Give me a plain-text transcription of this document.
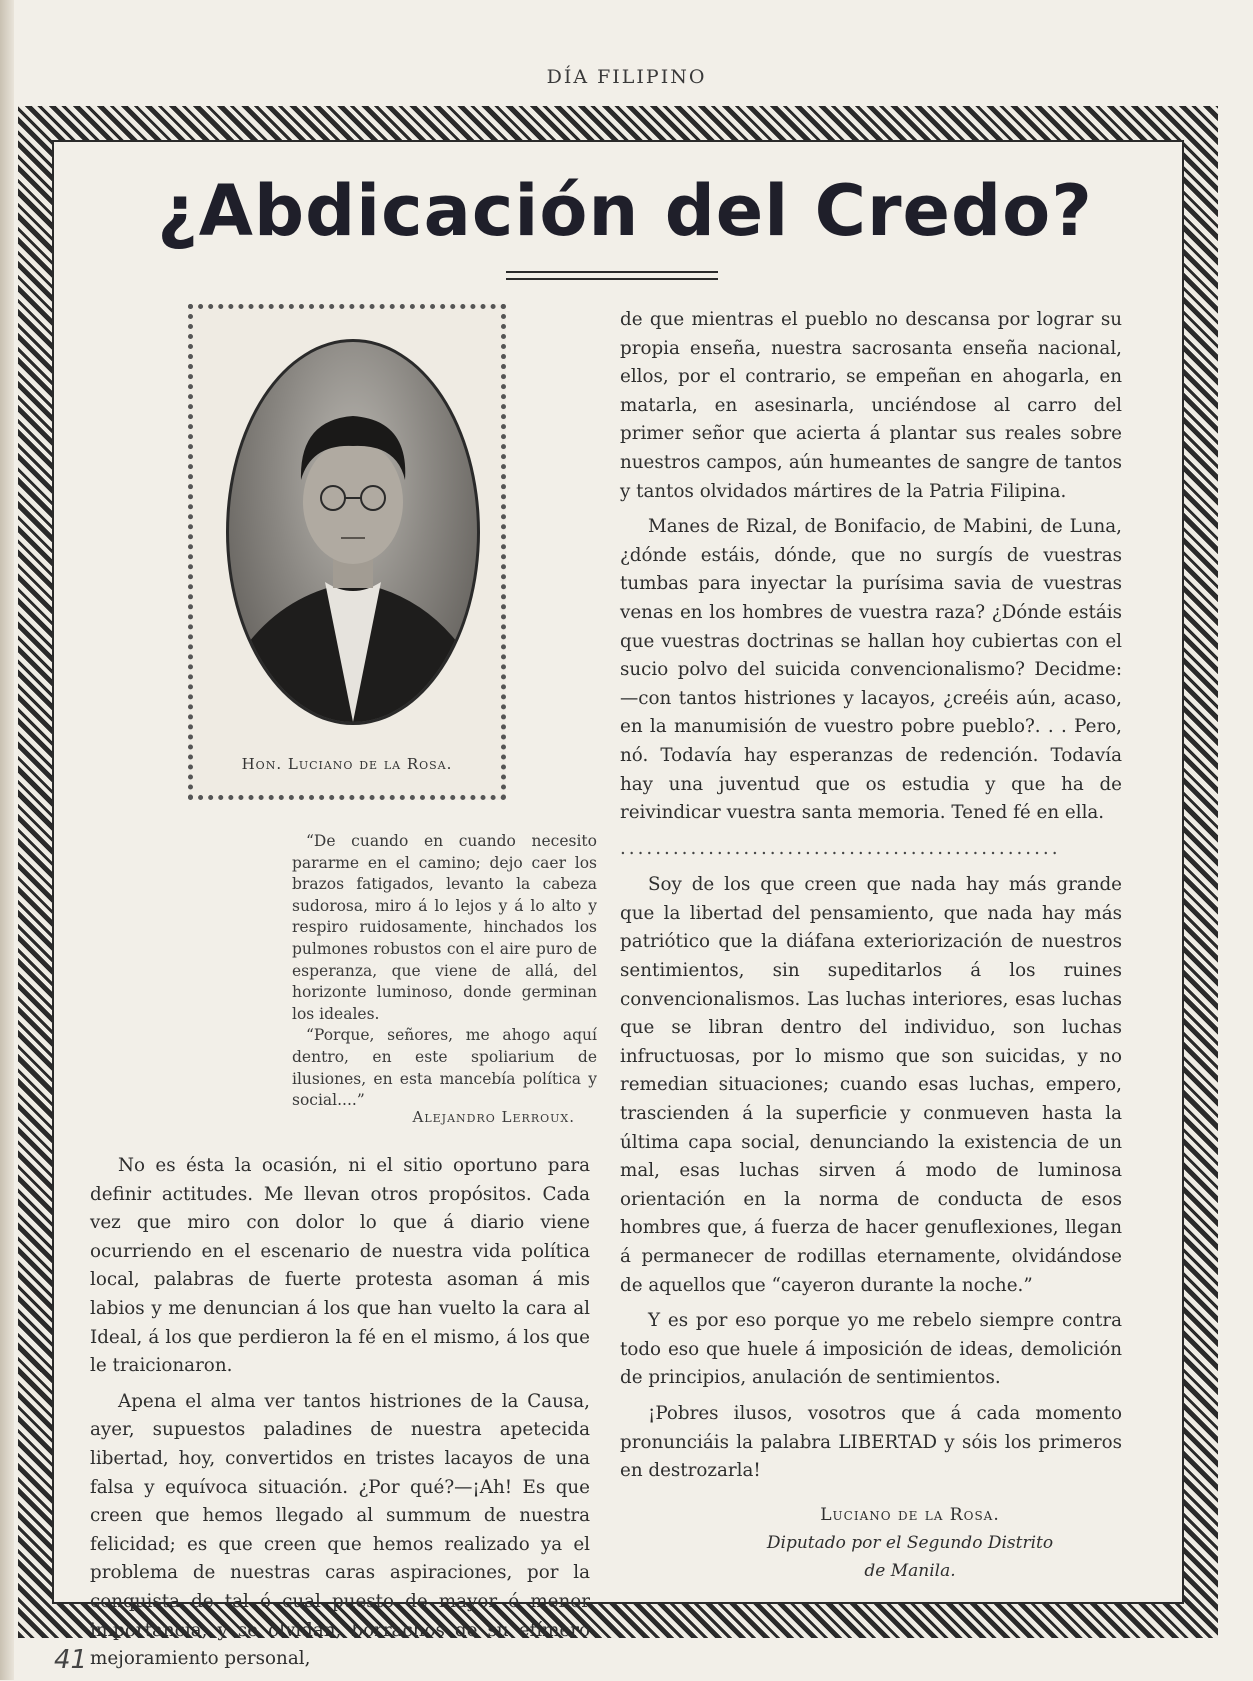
DÍA FILIPINO
¿Abdicación del Credo?
Hon. Luciano de la Rosa.

“De cuando en cuando necesito pararme en el camino; dejo caer los brazos fatigados, levanto la cabeza sudorosa, miro á lo lejos y á lo alto y respiro ruidosamente, hinchados los pulmones robustos con el aire puro de esperanza, que viene de allá, del horizonte luminoso, donde germinan los ideales.

“Porque, señores, me ahogo aquí dentro, en este spoliarium de ilusiones, en esta mancebía política y social....”

Alejandro Lerroux.

No es ésta la ocasión, ni el sitio oportuno para definir actitudes. Me llevan otros propósitos. Cada vez que miro con dolor lo que á diario viene ocurriendo en el escenario de nuestra vida política local, palabras de fuerte protesta asoman á mis labios y me denuncian á los que han vuelto la cara al Ideal, á los que perdieron la fé en el mismo, á los que le traicionaron.

Apena el alma ver tantos histriones de la Causa, ayer, supuestos paladines de nuestra apetecida libertad, hoy, convertidos en tristes lacayos de una falsa y equívoca situación. ¿Por qué?—¡Ah! Es que creen que hemos llegado al summum de nuestra felicidad; es que creen que hemos realizado ya el problema de nuestras caras aspiraciones, por la conquista de tal ó cual puesto de mayor ó menor importancia, y se olvidan, borrachos de su efímero mejoramiento personal,

de que mientras el pueblo no descansa por lograr su propia enseña, nuestra sacrosanta enseña nacional, ellos, por el contrario, se empeñan en ahogarla, en matarla, en asesinarla, unciéndose al carro del primer señor que acierta á plantar sus reales sobre nuestros campos, aún humeantes de sangre de tantos y tantos olvidados mártires de la Patria Filipina.

Manes de Rizal, de Bonifacio, de Mabini, de Luna, ¿dónde estáis, dónde, que no surgís de vuestras tumbas para inyectar la purísima savia de vuestras venas en los hombres de vuestra raza? ¿Dónde estáis que vuestras doctrinas se hallan hoy cubiertas con el sucio polvo del suicida convencionalismo? Decidme:—con tantos histriones y lacayos, ¿creéis aún, acaso, en la manumisión de vuestro pobre pueblo?. . . Pero, nó. Todavía hay esperanzas de redención. Todavía hay una juventud que os estudia y que ha de reivindicar vuestra santa memoria. Tened fé en ella.

..................................................

Soy de los que creen que nada hay más grande que la libertad del pensamiento, que nada hay más patriótico que la diáfana exteriorización de nuestros sentimientos, sin supeditarlos á los ruines convencionalismos. Las luchas interiores, esas luchas que se libran dentro del individuo, son luchas infructuosas, por lo mismo que son suicidas, y no remedian situaciones; cuando esas luchas, empero, trascienden á la superficie y conmueven hasta la última capa social, denunciando la existencia de un mal, esas luchas sirven á modo de luminosa orientación en la norma de conducta de esos hombres que, á fuerza de hacer genuflexiones, llegan á permanecer de rodillas eternamente, olvidándose de aquellos que “cayeron durante la noche.”

Y es por eso porque yo me rebelo siempre contra todo eso que huele á imposición de ideas, demolición de principios, anulación de sentimientos.

¡Pobres ilusos, vosotros que á cada momento pronunciáis la palabra LIBERTAD y sóis los primeros en destrozarla!

Luciano de la Rosa.
Diputado por el Segundo Distrito
de Manila.
41
